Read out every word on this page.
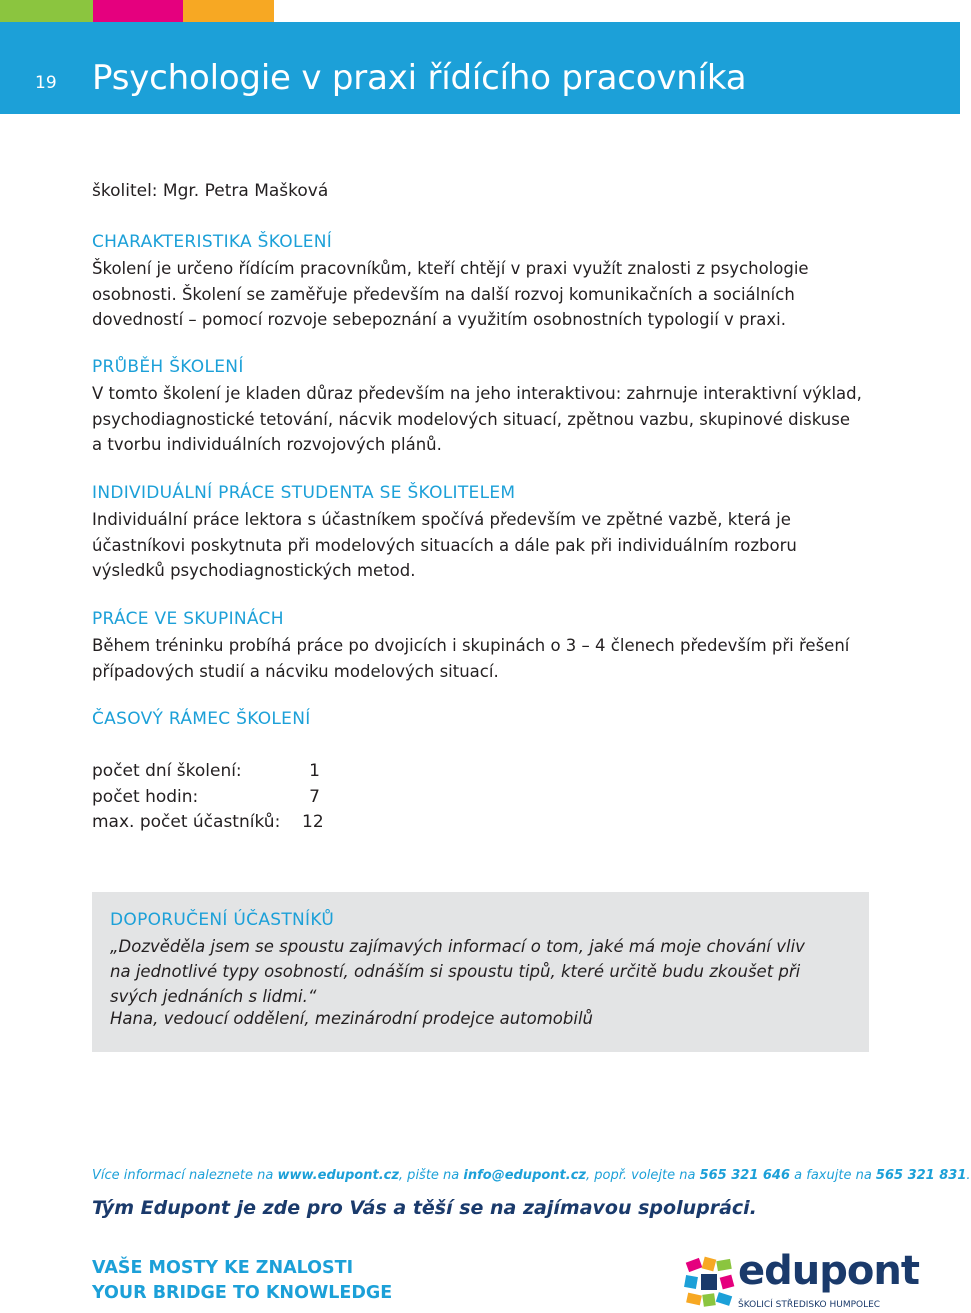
19 Psychologie v praxi řídícího pracovníka
školitel: Mgr. Petra Mašková
CHARAKTERISTIKA ŠKOLENÍ
Školení je určeno řídícím pracovníkům, kteří chtějí v praxi využít znalosti z psychologie osobnosti. Školení se zaměřuje především na další rozvoj komunikačních a sociálních dovedností – pomocí rozvoje sebepoznání a využitím osobnostních typologií v praxi.
PRŮBĚH ŠKOLENÍ
V tomto školení je kladen důraz především na jeho interaktivou: zahrnuje interaktivní výklad, psychodiagnostické tetování, nácvik modelových situací, zpětnou vazbu, skupinové diskuse a tvorbu individuálních rozvojových plánů.
INDIVIDUÁLNÍ PRÁCE STUDENTA SE ŠKOLITELEM
Individuální práce lektora s účastníkem spočívá především ve zpětné vazbě, která je účastníkovi poskytnuta při modelových situacích a dále pak při individuálním rozboru výsledků psychodiagnostických metod.
PRÁCE VE SKUPINÁCH
Během tréninku probíhá práce po dvojicích i skupinách o 3 – 4 členech především při řešení případových studií a nácviku modelových situací.
ČASOVÝ RÁMEC ŠKOLENÍ
počet dní školení:	1
počet hodin:	7
max. počet účastníků:	12
DOPORUČENÍ ÚČASTNÍKŮ
„Dozvěděla jsem se spoustu zajímavých informací o tom, jaké má moje chování vliv na jednotlivé typy osobností, odnáším si spoustu tipů, které určitě budu zkoušet při svých jednáních s lidmi.“
Hana, vedoucí oddělení, mezinárodní prodejce automobilů
Více informací naleznete na www.edupont.cz, pište na info@edupont.cz, popř. volejte na 565 321 646 a faxujte na 565 321 831.
Tým Edupont je zde pro Vás a těší se na zajímavou spolupráci.
VAŠE MOSTY KE ZNALOSTI
YOUR BRIDGE TO KNOWLEDGE	edupont
ŠKOLICÍ STŘEDISKO HUMPOLEC
